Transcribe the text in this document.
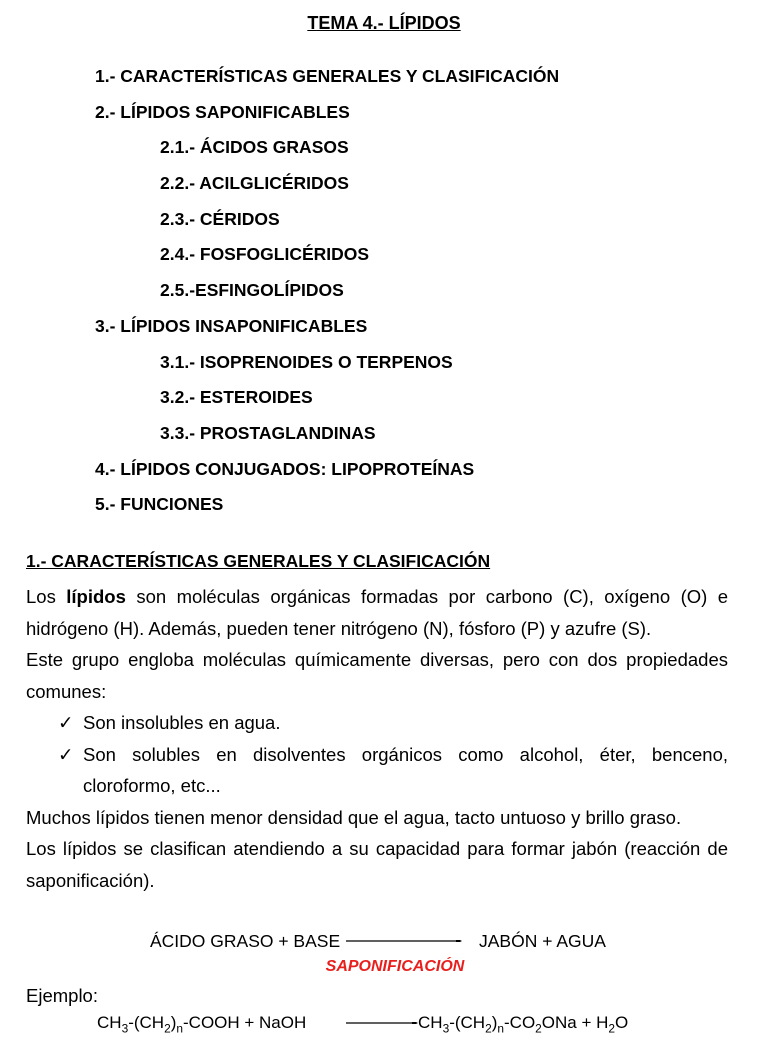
TEMA 4.- LÍPIDOS
1.- CARACTERÍSTICAS GENERALES Y CLASIFICACIÓN
2.- LÍPIDOS SAPONIFICABLES
2.1.- ÁCIDOS GRASOS
2.2.- ACILGLICÉRIDOS
2.3.- CÉRIDOS
2.4.- FOSFOGLICÉRIDOS
2.5.-ESFINGOLÍPIDOS
3.- LÍPIDOS INSAPONIFICABLES
3.1.- ISOPRENOIDES O TERPENOS
3.2.- ESTEROIDES
3.3.- PROSTAGLANDINAS
4.- LÍPIDOS CONJUGADOS: LIPOPROTEÍNAS
5.- FUNCIONES
1.- CARACTERÍSTICAS GENERALES Y CLASIFICACIÓN

Los lípidos son moléculas orgánicas formadas por carbono (C), oxígeno (O) e hidrógeno (H). Además, pueden tener nitrógeno (N), fósforo (P) y azufre (S).

Este grupo engloba moléculas químicamente diversas, pero con dos propiedades comunes:

✓ Son insolubles en agua.
✓ Son solubles en disolventes orgánicos como alcohol, éter, benceno, cloroformo, etc...

Muchos lípidos tienen menor densidad que el agua, tacto untuoso y brillo graso.

Los lípidos se clasifican atendiendo a su capacidad para formar jabón (reacción de saponificación).

ÁCIDO GRASO + BASE	JABÓN + AGUA
SAPONIFICACIÓN
Ejemplo:
$CH_3-(CH_2)_n$-COOH + NaOH	$CH_3-(CH_2)_n-CO_2ONa + H_2O$
